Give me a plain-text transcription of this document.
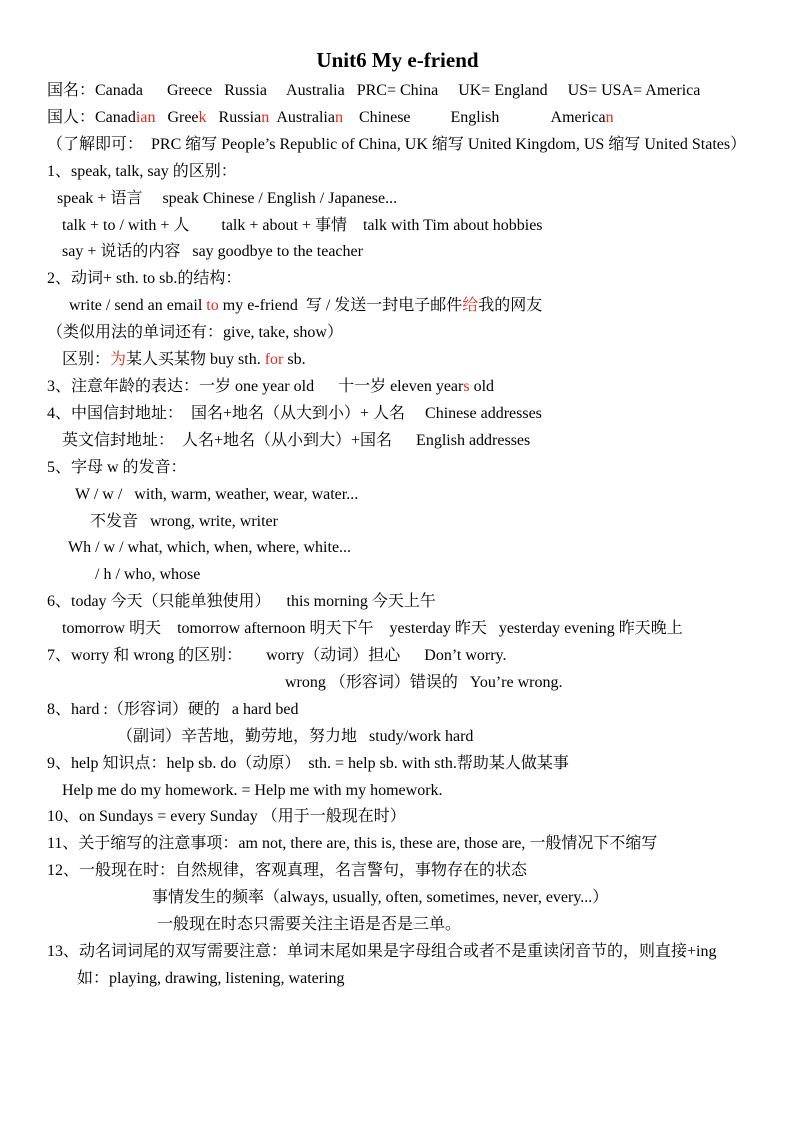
Unit6 My e-friend
国名：Canada      Greece   Russia     Australia   PRC= China     UK= England     US= USA= America
国人：Canadian   Greek   Russian  Australian    Chinese          English             American
（了解即可：  PRC 缩写 People’s Republic of China, UK 缩写 United Kingdom, US 缩写 United States）
1、speak, talk, say 的区别：
speak + 语言     speak Chinese / English / Japanese...
talk + to / with + 人        talk + about + 事情    talk with Tim about hobbies
say + 说话的内容   say goodbye to the teacher
2、动词+ sth. to sb.的结构：
write / send an email to my e-friend  写 / 发送一封电子邮件给我的网友
（类似用法的单词还有：give, take, show）
区别：为某人买某物 buy sth. for sb.
3、注意年龄的表达：一岁 one year old      十一岁 eleven years old
4、中国信封地址：  国名+地名（从大到小）+ 人名     Chinese addresses
英文信封地址：  人名+地名（从小到大）+国名      English addresses
5、字母 w 的发音：
W / w /   with, warm, weather, wear, water...
不发音   wrong, write, writer
Wh / w / what, which, when, where, white...
/ h / who, whose
6、today 今天（只能单独使用）    this morning 今天上午
tomorrow 明天    tomorrow afternoon 明天下午    yesterday 昨天   yesterday evening 昨天晚上
7、worry 和 wrong 的区别：      worry（动词）担心      Don’t worry.
wrong （形容词）错误的   You’re wrong.
8、hard :（形容词）硬的   a hard bed
（副词）辛苦地，勤劳地，努力地   study/work hard
9、help 知识点：help sb. do（动原）  sth. = help sb. with sth.帮助某人做某事
Help me do my homework. = Help me with my homework.
10、on Sundays = every Sunday （用于一般现在时）
11、关于缩写的注意事项：am not, there are, this is, these are, those are, 一般情况下不缩写
12、一般现在时：自然规律，客观真理，名言警句，事物存在的状态
事情发生的频率（always, usually, often, sometimes, never, every...）
一般现在时态只需要关注主语是否是三单。
13、动名词词尾的双写需要注意：单词末尾如果是字母组合或者不是重读闭音节的，则直接+ing
如：playing, drawing, listening, watering
